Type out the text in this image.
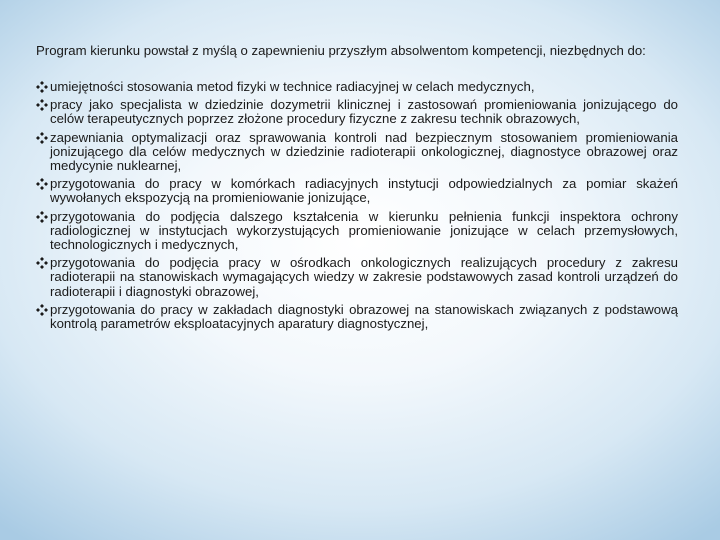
Program kierunku powstał z myślą o zapewnieniu przyszłym absolwentom kompetencji, niezbędnych do:

umiejętności stosowania metod fizyki w technice radiacyjnej w celach medycznych,
pracy jako specjalista w dziedzinie dozymetrii klinicznej i zastosowań promieniowania jonizującego do celów terapeutycznych poprzez złożone procedury fizyczne z zakresu technik obrazowych,
zapewniania optymalizacji oraz sprawowania kontroli nad bezpiecznym stosowaniem promieniowania jonizującego dla celów medycznych w dziedzinie radioterapii onkologicznej, diagnostyce obrazowej oraz medycynie nuklearnej,
przygotowania do pracy w komórkach radiacyjnych instytucji odpowiedzialnych za pomiar skażeń wywołanych ekspozycją na promieniowanie jonizujące,
przygotowania do podjęcia dalszego kształcenia w kierunku pełnienia funkcji inspektora ochrony radiologicznej w instytucjach wykorzystujących promieniowanie jonizujące w celach przemysłowych, technologicznych i medycznych,
przygotowania do podjęcia pracy w ośrodkach onkologicznych realizujących procedury z zakresu radioterapii na stanowiskach wymagających wiedzy w zakresie podstawowych zasad kontroli urządzeń do radioterapii i diagnostyki obrazowej,
przygotowania do pracy w zakładach diagnostyki obrazowej na stanowiskach związanych z podstawową kontrolą parametrów eksploatacyjnych aparatury diagnostycznej,
